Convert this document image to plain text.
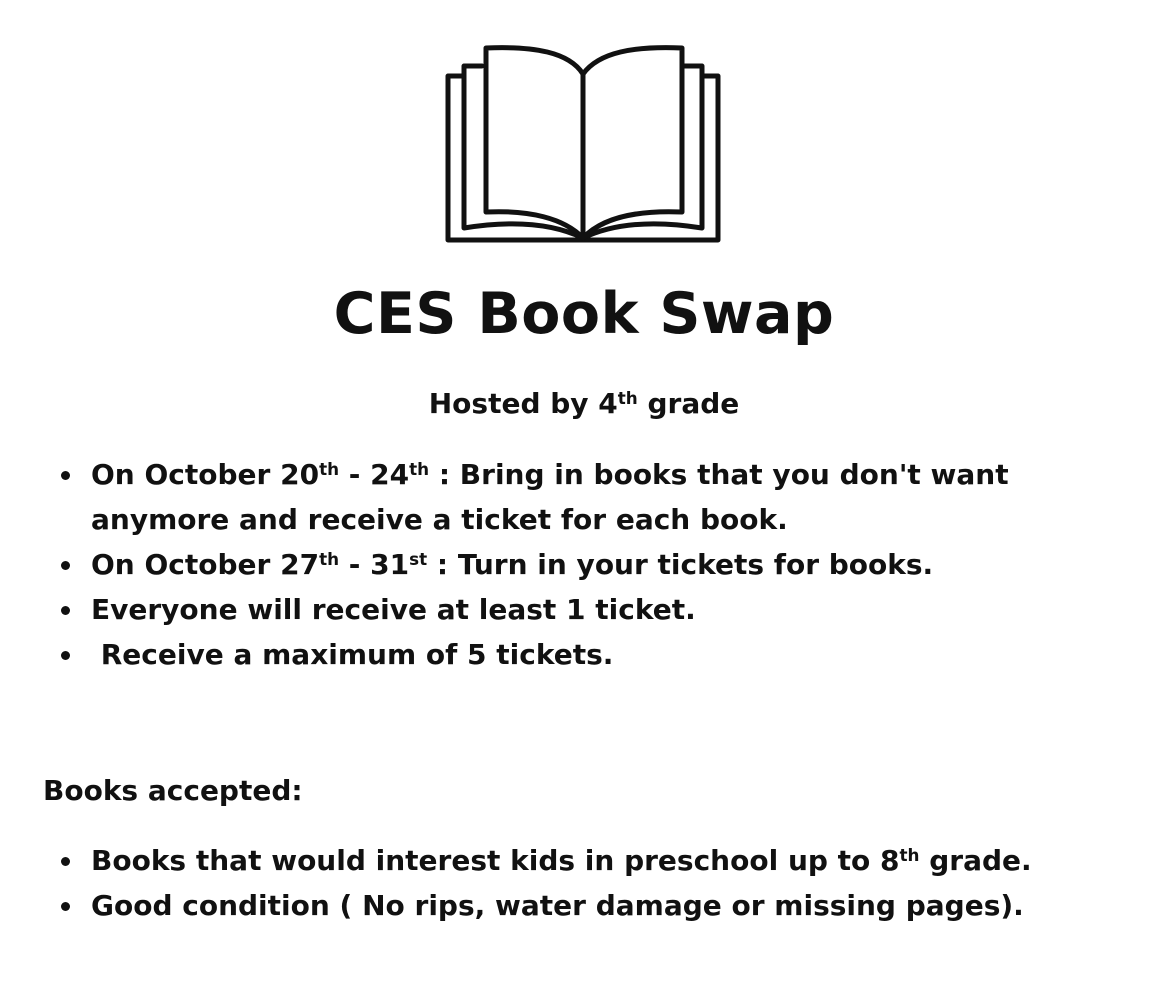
CES Book Swap

Hosted by 4th grade

On October 20th - 24th : Bring in books that you don't want anymore and receive a ticket for each book.
On October 27th - 31st : Turn in your tickets for books.
Everyone will receive at least 1 ticket.
Receive a maximum of 5 tickets.

Books accepted:

Books that would interest kids in preschool up to 8th grade.
Good condition ( No rips, water damage or missing pages).
